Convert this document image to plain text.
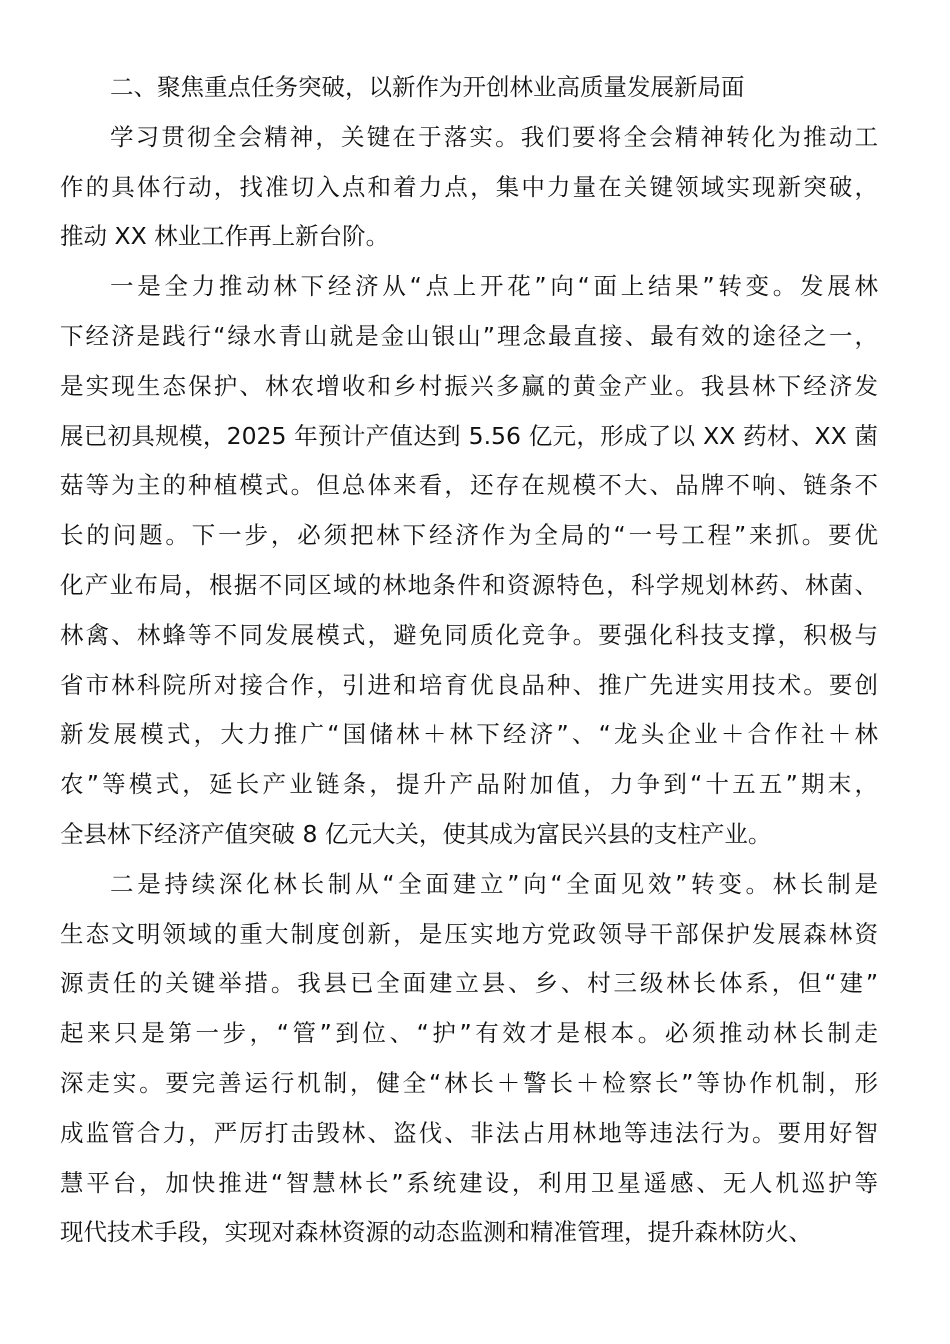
二、聚焦重点任务突破，以新作为开创林业高质量发展新局面
学习贯彻全会精神，关键在于落实。我们要将全会精神转化为推动工
作的具体行动，找准切入点和着力点，集中力量在关键领域实现新突破，
推动 XX 林业工作再上新台阶。
一是全力推动林下经济从“点上开花”向“面上结果”转变。发展林
下经济是践行“绿水青山就是金山银山”理念最直接、最有效的途径之一，
是实现生态保护、林农增收和乡村振兴多赢的黄金产业。我县林下经济发
展已初具规模，2025 年预计产值达到 5.56 亿元，形成了以 XX 药材、XX 菌
菇等为主的种植模式。但总体来看，还存在规模不大、品牌不响、链条不
长的问题。下一步，必须把林下经济作为全局的“一号工程”来抓。要优
化产业布局，根据不同区域的林地条件和资源特色，科学规划林药、林菌、
林禽、林蜂等不同发展模式，避免同质化竞争。要强化科技支撑，积极与
省市林科院所对接合作，引进和培育优良品种、推广先进实用技术。要创
新发展模式，大力推广“国储林＋林下经济”、“龙头企业＋合作社＋林
农”等模式，延长产业链条，提升产品附加值，力争到“十五五”期末，
全县林下经济产值突破 8 亿元大关，使其成为富民兴县的支柱产业。
二是持续深化林长制从“全面建立”向“全面见效”转变。林长制是
生态文明领域的重大制度创新，是压实地方党政领导干部保护发展森林资
源责任的关键举措。我县已全面建立县、乡、村三级林长体系，但“建”
起来只是第一步，“管”到位、“护”有效才是根本。必须推动林长制走
深走实。要完善运行机制，健全“林长＋警长＋检察长”等协作机制，形
成监管合力，严厉打击毁林、盗伐、非法占用林地等违法行为。要用好智
慧平台，加快推进“智慧林长”系统建设，利用卫星遥感、无人机巡护等
现代技术手段，实现对森林资源的动态监测和精准管理，提升森林防火、
